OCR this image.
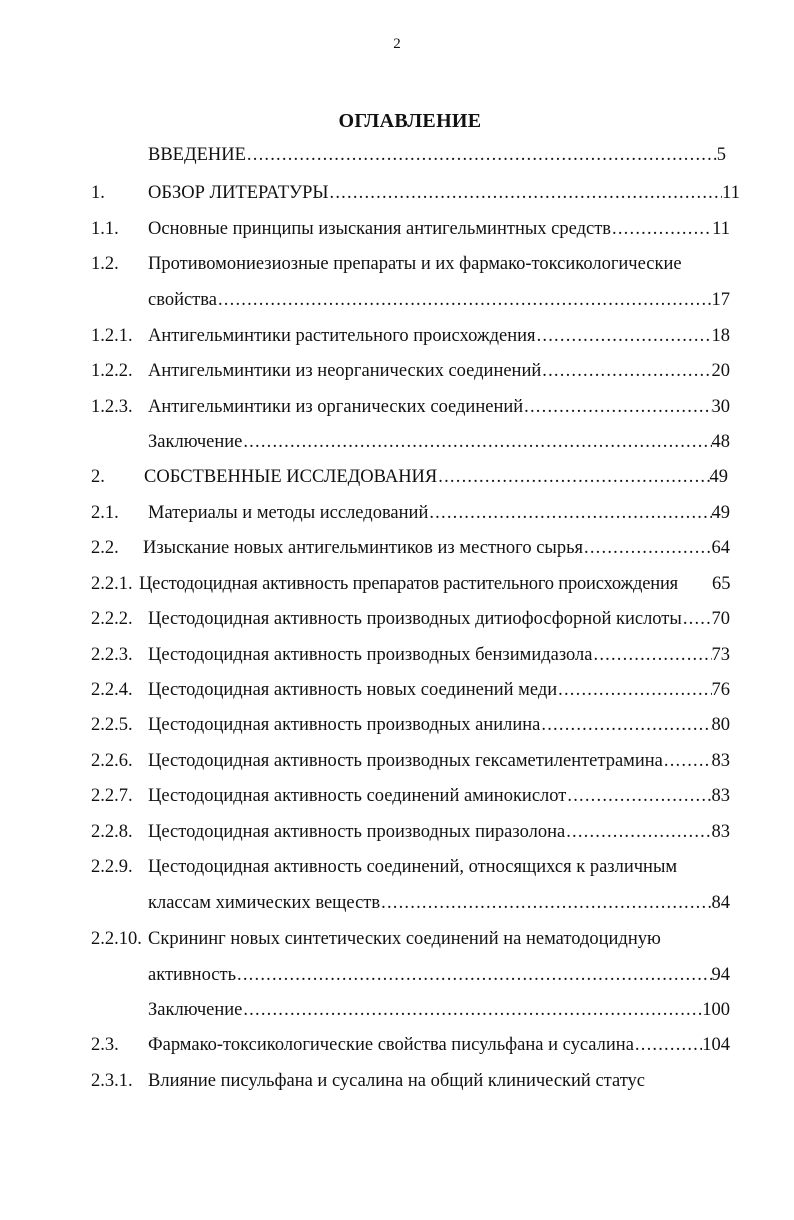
2
ОГЛАВЛЕНИЕ
ВВЕДЕНИЕ .....	5
1. ОБЗОР ЛИТЕРАТУРЫ .....	11
1.1. Основные принципы изыскания антигельминтных средств .....	11
1.2. Противомониезиозные препараты и их фармако-токсикологические
свойства .....	17
1.2.1. Антигельминтики растительного происхождения .....	18
1.2.2. Антигельминтики из неорганических соединений .....	20
1.2.3. Антигельминтики из органических соединений .....	30
Заключение .....	48
2. СОБСТВЕННЫЕ ИССЛЕДОВАНИЯ .....	49
2.1. Материалы и методы исследований .....	49
2.2. Изыскание новых антигельминтиков из местного сырья .....	64
2.2.1. Цестодоцидная активность препаратов растительного происхождения 65
2.2.2. Цестодоцидная активность производных дитиофосфорной кислоты ..... 70
2.2.3. Цестодоцидная активность производных бензимидазола .....	73
2.2.4. Цестодоцидная активность новых соединений меди .....	76
2.2.5. Цестодоцидная активность производных анилина .....	80
2.2.6. Цестодоцидная активность производных гексаметилентетрамина .....	83
2.2.7. Цестодоцидная активность соединений аминокислот .....	83
2.2.8. Цестодоцидная активность производных пиразолона .....	83
2.2.9. Цестодоцидная активность соединений, относящихся к различным
классам химических веществ .....	84
2.2.10. Скрининг новых синтетических соединений на нематодоцидную
активность .....	94
Заключение .....	100
2.3. Фармако-токсикологические свойства писульфана и сусалина .....	104
2.3.1. Влияние писульфана и сусалина на общий клинический статус
